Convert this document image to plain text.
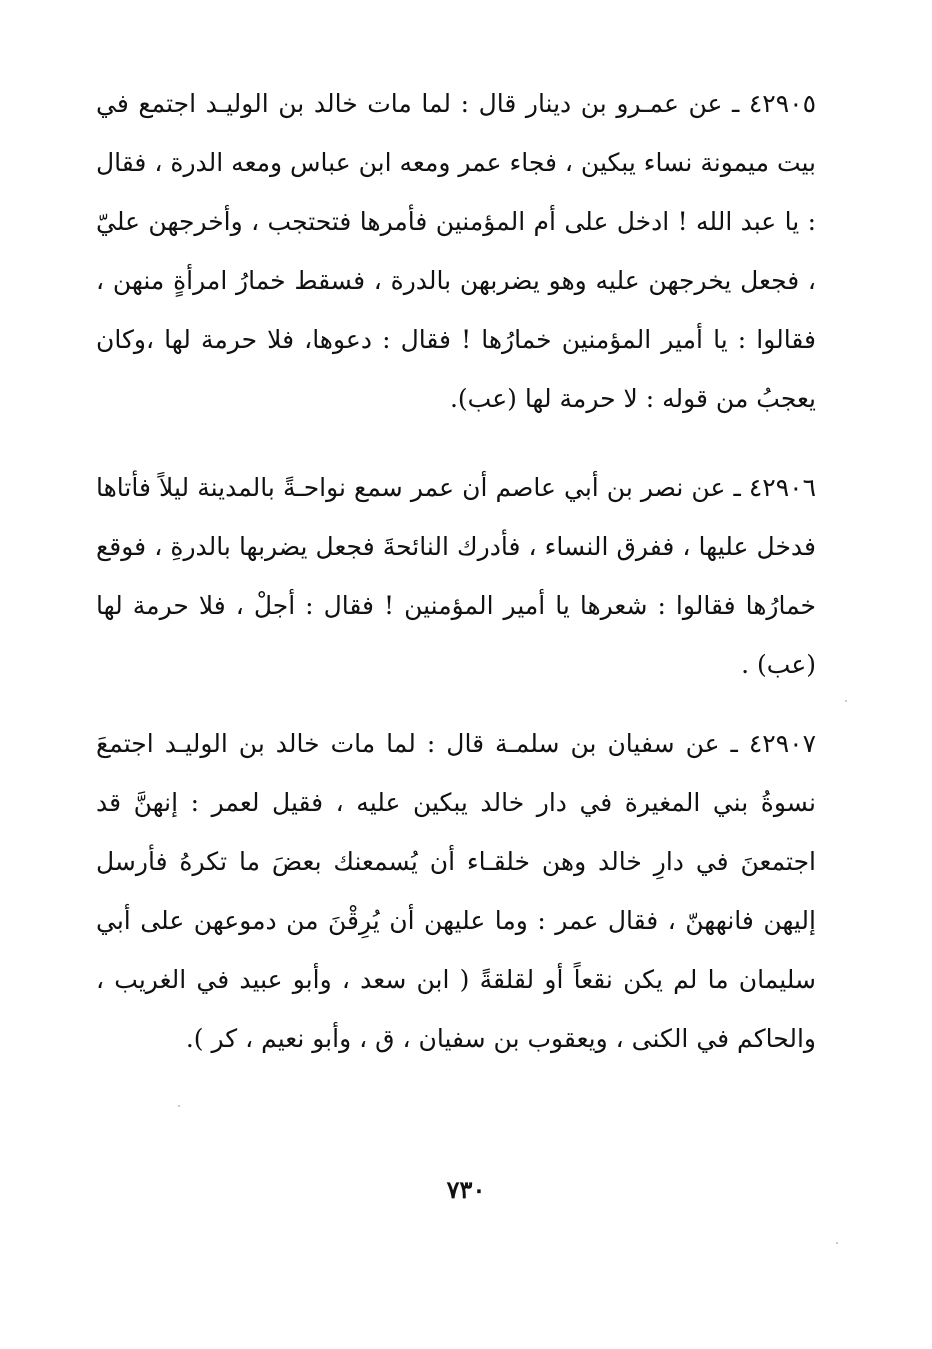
٤٢٩٠٥ ـ عن عمـرو بن دينار قال : لما مات خالد بن الوليـد اجتمع في بيت ميمونة نساء يبكين ، فجاء عمر ومعه ابن عباس ومعه الدرة ، فقال : يا عبد الله ! ادخل على أم المؤمنين فأمرها فتحتجب ، وأخرجهن عليّ ، فجعل يخرجهن عليه وهو يضربهن بالدرة ، فسقط خمارُ امرأةٍ منهن ، فقالوا : يا أمير المؤمنين خمارُها ! فقال : دعوها، فلا حرمة لها ،وكان يعجبُ من قوله : لا حرمة لها (عب).

٤٢٩٠٦ ـ عن نصر بن أبي عاصم أن عمر سمع نواحـةً بالمدينة ليلاً فأتاها فدخل عليها ، ففرق النساء ، فأدرك النائحةَ فجعل يضربها بالدرةِ ، فوقع خمارُها فقالوا : شعرها يا أمير المؤمنين ! فقال : أجلْ ، فلا حرمة لها (عب) .

٤٢٩٠٧ ـ عن سفيان بن سلمـة قال : لما مات خالد بن الوليـد اجتمعَ نسوةُ بني المغيرة في دار خالد يبكين عليه ، فقيل لعمر : إنهنَّ قد اجتمعنَ في دارِ خالد وهن خلقـاء أن يُسمعنك بعضَ ما تكرهُ فأرسل إليهن فانههنّ ، فقال عمر : وما عليهن أن يُرِقْنَ من دموعهن على أبي سليمان ما لم يكن نقعاً أو لقلقةً ( ابن سعد ، وأبو عبيد في الغريب ، والحاكم في الكنى ، ويعقوب بن سفيان ، ق ، وأبو نعيم ، كر ).

٧٣٠
